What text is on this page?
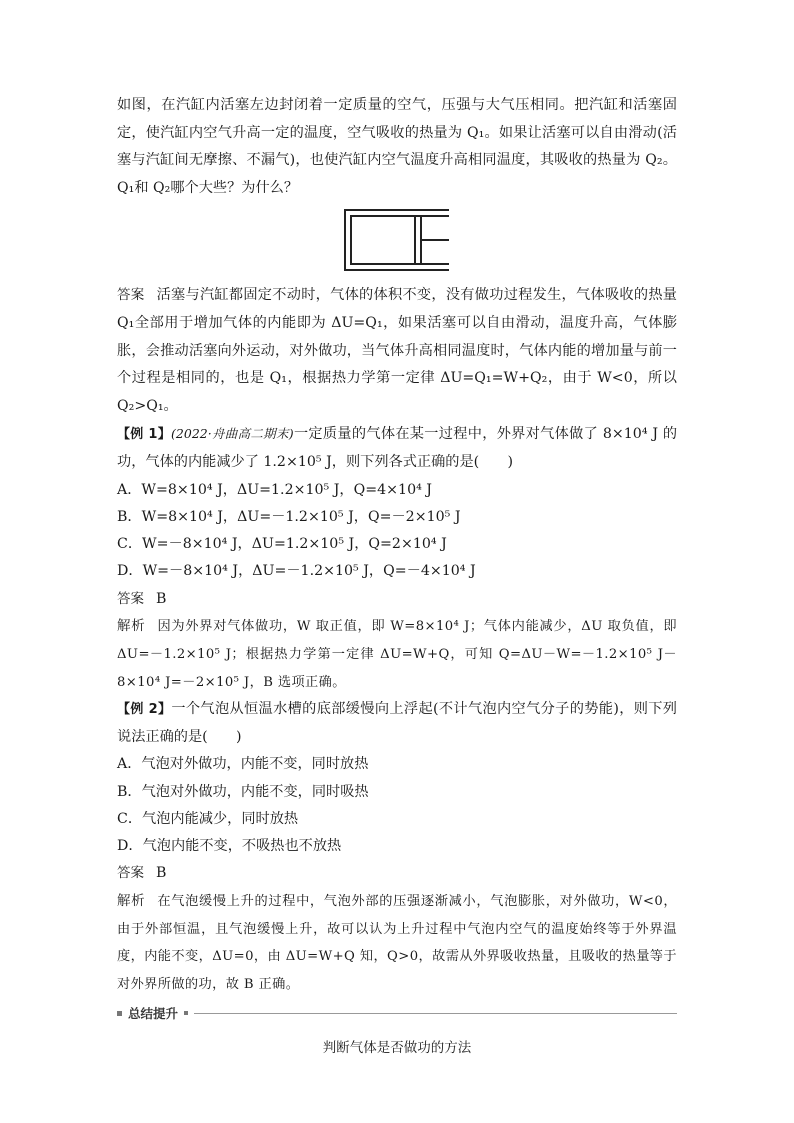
如图，在汽缸内活塞左边封闭着一定质量的空气，压强与大气压相同。把汽缸和活塞固定，使汽缸内空气升高一定的温度，空气吸收的热量为 Q₁。如果让活塞可以自由滑动(活塞与汽缸间无摩擦、不漏气)，也使汽缸内空气温度升高相同温度，其吸收的热量为 Q₂。Q₁和 Q₂哪个大些？为什么？

答案 活塞与汽缸都固定不动时，气体的体积不变，没有做功过程发生，气体吸收的热量 Q₁全部用于增加气体的内能即为 ΔU=Q₁，如果活塞可以自由滑动，温度升高，气体膨胀，会推动活塞向外运动，对外做功，当气体升高相同温度时，气体内能的增加量与前一个过程是相同的，也是 Q₁，根据热力学第一定律 ΔU=Q₁=W+Q₂，由于 W<0，所以 Q₂>Q₁。

【例 1】(2022·舟曲高二期末)一定质量的气体在某一过程中，外界对气体做了 8×10⁴ J 的功，气体的内能减少了 1.2×10⁵ J，则下列各式正确的是(　　)

A．W=8×10⁴ J，ΔU=1.2×10⁵ J，Q=4×10⁴ J

B．W=8×10⁴ J，ΔU=－1.2×10⁵ J，Q=－2×10⁵ J

C．W=－8×10⁴ J，ΔU=1.2×10⁵ J，Q=2×10⁴ J

D．W=－8×10⁴ J，ΔU=－1.2×10⁵ J，Q=－4×10⁴ J

答案 B

解析 因为外界对气体做功，W 取正值，即 W=8×10⁴ J；气体内能减少，ΔU 取负值，即 ΔU=－1.2×10⁵ J；根据热力学第一定律 ΔU=W+Q，可知 Q=ΔU－W=－1.2×10⁵ J－8×10⁴ J=－2×10⁵ J，B 选项正确。

【例 2】一个气泡从恒温水槽的底部缓慢向上浮起(不计气泡内空气分子的势能)，则下列说法正确的是(　　)

A．气泡对外做功，内能不变，同时放热

B．气泡对外做功，内能不变，同时吸热

C．气泡内能减少，同时放热

D．气泡内能不变，不吸热也不放热

答案 B

解析 在气泡缓慢上升的过程中，气泡外部的压强逐渐减小，气泡膨胀，对外做功，W<0，由于外部恒温，且气泡缓慢上升，故可以认为上升过程中气泡内空气的温度始终等于外界温度，内能不变，ΔU=0，由 ΔU=W+Q 知，Q>0，故需从外界吸收热量，且吸收的热量等于对外界所做的功，故 B 正确。

总结提升

判断气体是否做功的方法
